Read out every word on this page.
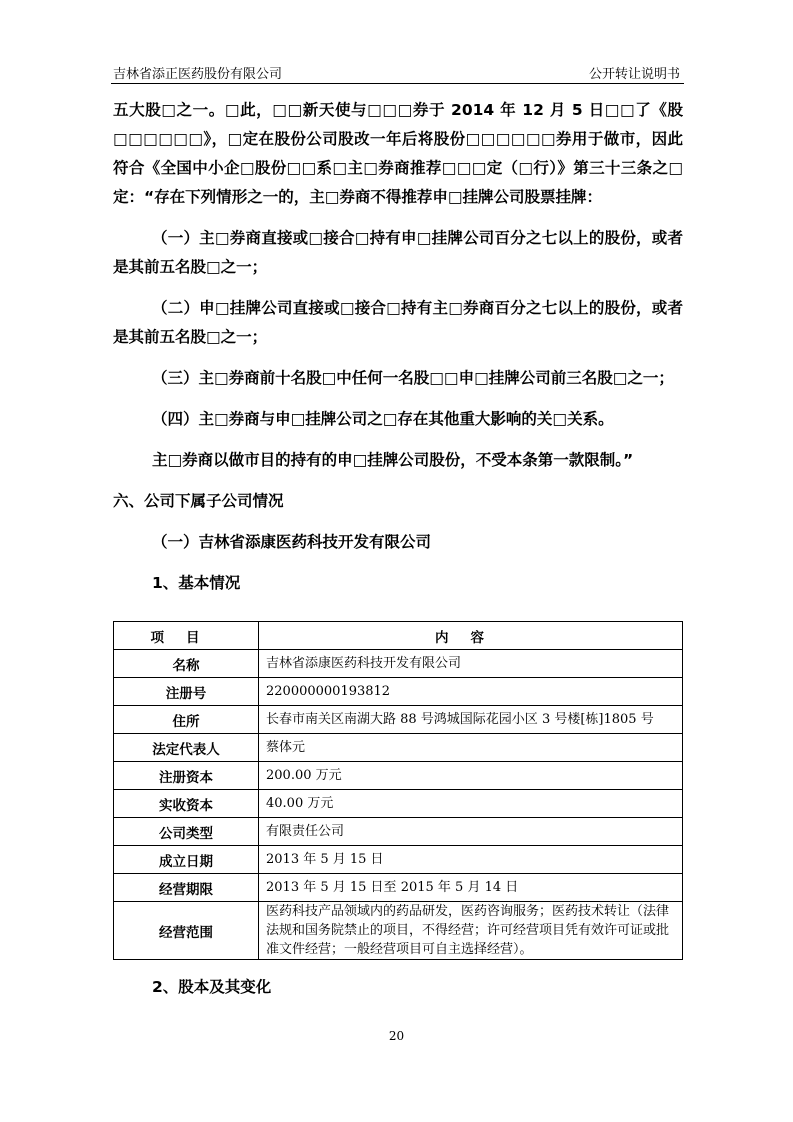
吉林省添正医药股份有限公司	公开转让说明书

五大股□之一。□此，□□新天使与□□□券于 2014 年 12 月 5 日□□了《股□□□□□□》，□定在股份公司股改一年后将股份□□□□□□券用于做市，因此符合《全国中小企□股份□□系□主□券商推荐□□□定（□行）》第三十三条之□定：“存在下列情形之一的，主□券商不得推荐申□挂牌公司股票挂牌：

（一）主□券商直接或□接合□持有申□挂牌公司百分之七以上的股份，或者是其前五名股□之一；

（二）申□挂牌公司直接或□接合□持有主□券商百分之七以上的股份，或者是其前五名股□之一；

（三）主□券商前十名股□中任何一名股□□申□挂牌公司前三名股□之一；

（四）主□券商与申□挂牌公司之□存在其他重大影响的关□关系。

主□券商以做市目的持有的申□挂牌公司股份，不受本条第一款限制。”

六、公司下属子公司情况

（一）吉林省添康医药科技开发有限公司

1、基本情况

项目	内容
名称	吉林省添康医药科技开发有限公司
注册号	220000000193812
住所	长春市南关区南湖大路 88 号鸿城国际花园小区 3 号楼[栋]1805 号
法定代表人	蔡体元
注册资本	200.00 万元
实收资本	40.00 万元
公司类型	有限责任公司
成立日期	2013 年 5 月 15 日
经营期限	2013 年 5 月 15 日至 2015 年 5 月 14 日
经营范围	医药科技产品领域内的药品研发，医药咨询服务；医药技术转让（法律法规和国务院禁止的项目，不得经营；许可经营项目凭有效许可证或批准文件经营；一般经营项目可自主选择经营）。
2、股本及其变化
20
